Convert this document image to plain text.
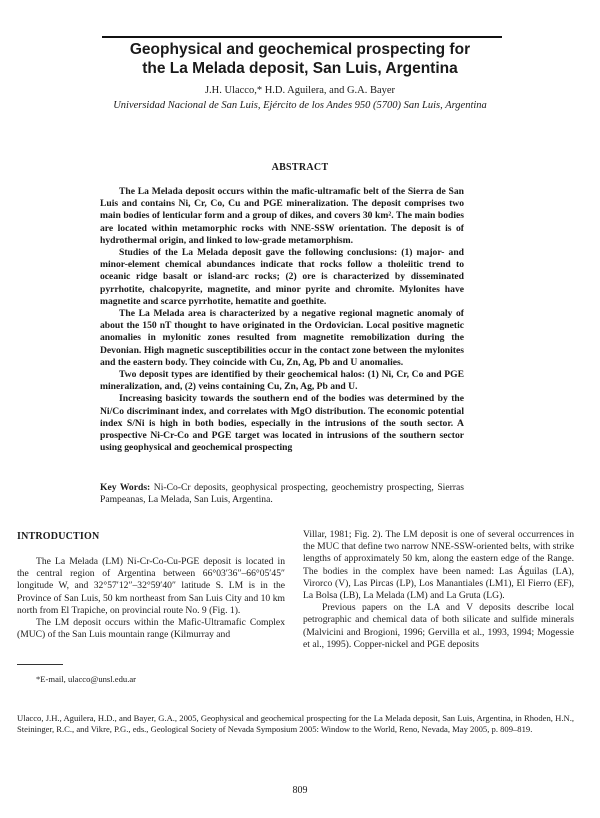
Geophysical and geochemical prospecting for
the La Melada deposit, San Luis, Argentina
J.H. Ulacco,* H.D. Aguilera, and G.A. Bayer
Universidad Nacional de San Luis, Ejército de los Andes 950 (5700) San Luis, Argentina
ABSTRACT

The La Melada deposit occurs within the mafic-ultramafic belt of the Sierra de San Luis and contains Ni, Cr, Co, Cu and PGE mineralization. The deposit comprises two main bodies of lenticular form and a group of dikes, and covers 30 km². The main bodies are located within metamorphic rocks with NNE-SSW orientation. The deposit is of hydrothermal origin, and linked to low-grade metamorphism.

Studies of the La Melada deposit gave the following conclusions: (1) major- and minor-element chemical abundances indicate that rocks follow a tholeiitic trend to oceanic ridge basalt or island-arc rocks; (2) ore is characterized by disseminated pyrrhotite, chalcopyrite, magnetite, and minor pyrite and chromite. Mylonites have magnetite and scarce pyrrhotite, hematite and goethite.

The La Melada area is characterized by a negative regional magnetic anomaly of about the 150 nT thought to have originated in the Ordovician. Local positive magnetic anomalies in mylonitic zones resulted from magnetite remobilization during the Devonian. High magnetic susceptibilities occur in the contact zone between the mylonites and the eastern body. They coincide with Cu, Zn, Ag, Pb and U anomalies.

Two deposit types are identified by their geochemical halos: (1) Ni, Cr, Co and PGE mineralization, and, (2) veins containing Cu, Zn, Ag, Pb and U.

Increasing basicity towards the southern end of the bodies was determined by the Ni/Co discriminant index, and correlates with MgO distribution. The economic potential index S/Ni is high in both bodies, especially in the intrusions of the south sector. A prospective Ni-Cr-Co and PGE target was located in intrusions of the southern sector using geophysical and geochemical prospecting

Key Words: Ni-Co-Cr deposits, geophysical prospecting, geochemistry prospecting, Sierras Pampeanas, La Melada, San Luis, Argentina.
INTRODUCTION

The La Melada (LM) Ni-Cr-Co-Cu-PGE deposit is located in the central region of Argentina between 66°03′36″–66°05′45″ longitude W, and 32°57′12″–32°59′40″ latitude S. LM is in the Province of San Luis, 50 km northeast from San Luis City and 10 km north from El Trapiche, on provincial route No. 9 (Fig. 1).

The LM deposit occurs within the Mafic-Ultramafic Complex (MUC) of the San Luis mountain range (Kilmurray and

Villar, 1981; Fig. 2). The LM deposit is one of several occurrences in the MUC that define two narrow NNE-SSW-oriented belts, with strike lengths of approximately 50 km, along the eastern edge of the Range. The bodies in the complex have been named: Las Águilas (LA), Virorco (V), Las Pircas (LP), Los Manantiales (LM1), El Fierro (EF), La Bolsa (LB), La Melada (LM) and La Gruta (LG).

Previous papers on the LA and V deposits describe local petrographic and chemical data of both silicate and sulfide minerals (Malvicini and Brogioni, 1996; Gervilla et al., 1993, 1994; Mogessie et al., 1995). Copper-nickel and PGE deposits

*E-mail, ulacco@unsl.edu.ar
Ulacco, J.H., Aguilera, H.D., and Bayer, G.A., 2005, Geophysical and geochemical prospecting for the La Melada deposit, San Luis, Argentina, in Rhoden, H.N., Steininger, R.C., and Vikre, P.G., eds., Geological Society of Nevada Symposium 2005: Window to the World, Reno, Nevada, May 2005, p. 809–819.
809
